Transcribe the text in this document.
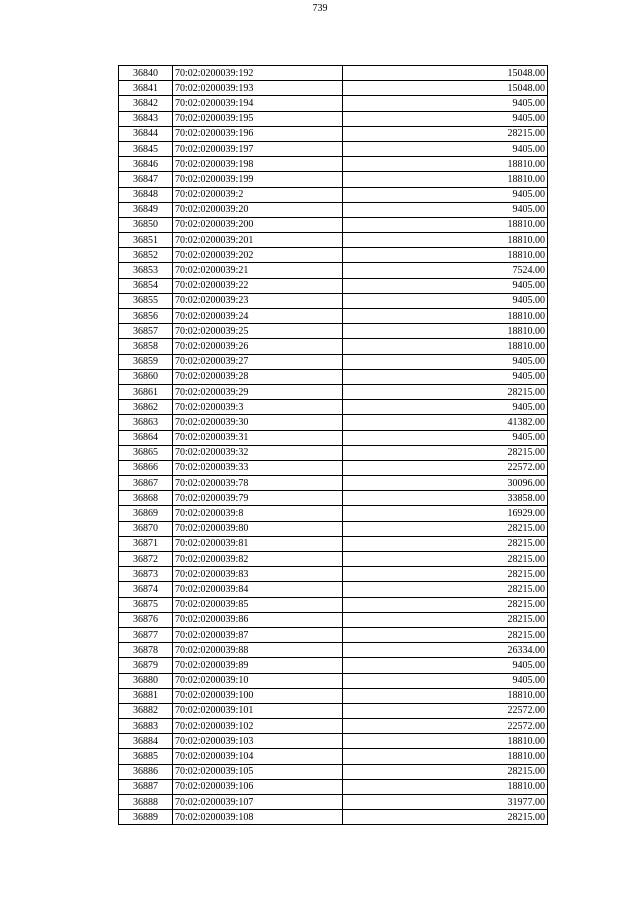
739
36840	70:02:0200039:192	15048.00
36841	70:02:0200039:193	15048.00
36842	70:02:0200039:194	9405.00
36843	70:02:0200039:195	9405.00
36844	70:02:0200039:196	28215.00
36845	70:02:0200039:197	9405.00
36846	70:02:0200039:198	18810.00
36847	70:02:0200039:199	18810.00
36848	70:02:0200039:2	9405.00
36849	70:02:0200039:20	9405.00
36850	70:02:0200039:200	18810.00
36851	70:02:0200039:201	18810.00
36852	70:02:0200039:202	18810.00
36853	70:02:0200039:21	7524.00
36854	70:02:0200039:22	9405.00
36855	70:02:0200039:23	9405.00
36856	70:02:0200039:24	18810.00
36857	70:02:0200039:25	18810.00
36858	70:02:0200039:26	18810.00
36859	70:02:0200039:27	9405.00
36860	70:02:0200039:28	9405.00
36861	70:02:0200039:29	28215.00
36862	70:02:0200039:3	9405.00
36863	70:02:0200039:30	41382.00
36864	70:02:0200039:31	9405.00
36865	70:02:0200039:32	28215.00
36866	70:02:0200039:33	22572.00
36867	70:02:0200039:78	30096.00
36868	70:02:0200039:79	33858.00
36869	70:02:0200039:8	16929.00
36870	70:02:0200039:80	28215.00
36871	70:02:0200039:81	28215.00
36872	70:02:0200039:82	28215.00
36873	70:02:0200039:83	28215.00
36874	70:02:0200039:84	28215.00
36875	70:02:0200039:85	28215.00
36876	70:02:0200039:86	28215.00
36877	70:02:0200039:87	28215.00
36878	70:02:0200039:88	26334.00
36879	70:02:0200039:89	9405.00
36880	70:02:0200039:10	9405.00
36881	70:02:0200039:100	18810.00
36882	70:02:0200039:101	22572.00
36883	70:02:0200039:102	22572.00
36884	70:02:0200039:103	18810.00
36885	70:02:0200039:104	18810.00
36886	70:02:0200039:105	28215.00
36887	70:02:0200039:106	18810.00
36888	70:02:0200039:107	31977.00
36889	70:02:0200039:108	28215.00
